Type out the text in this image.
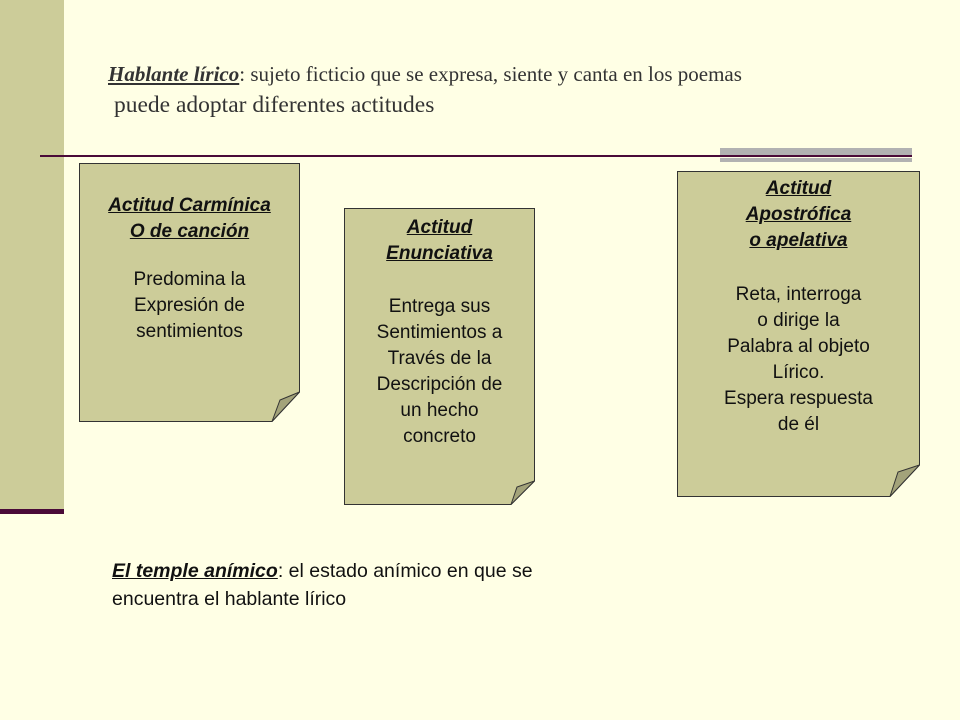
Hablante lírico: sujeto ficticio que se expresa, siente y canta en los poemas
puede adoptar diferentes actitudes
Actitud Carmínica
O de canción
Predomina la
Expresión de
sentimientos
Actitud
Enunciativa
Entrega sus
Sentimientos a
Través de la
Descripción de
un hecho
concreto
Actitud
Apostrófica
o apelativa
Reta, interroga
o dirige la
Palabra al objeto
Lírico.
Espera respuesta
de él
El temple anímico: el estado anímico en que se
encuentra el hablante lírico
